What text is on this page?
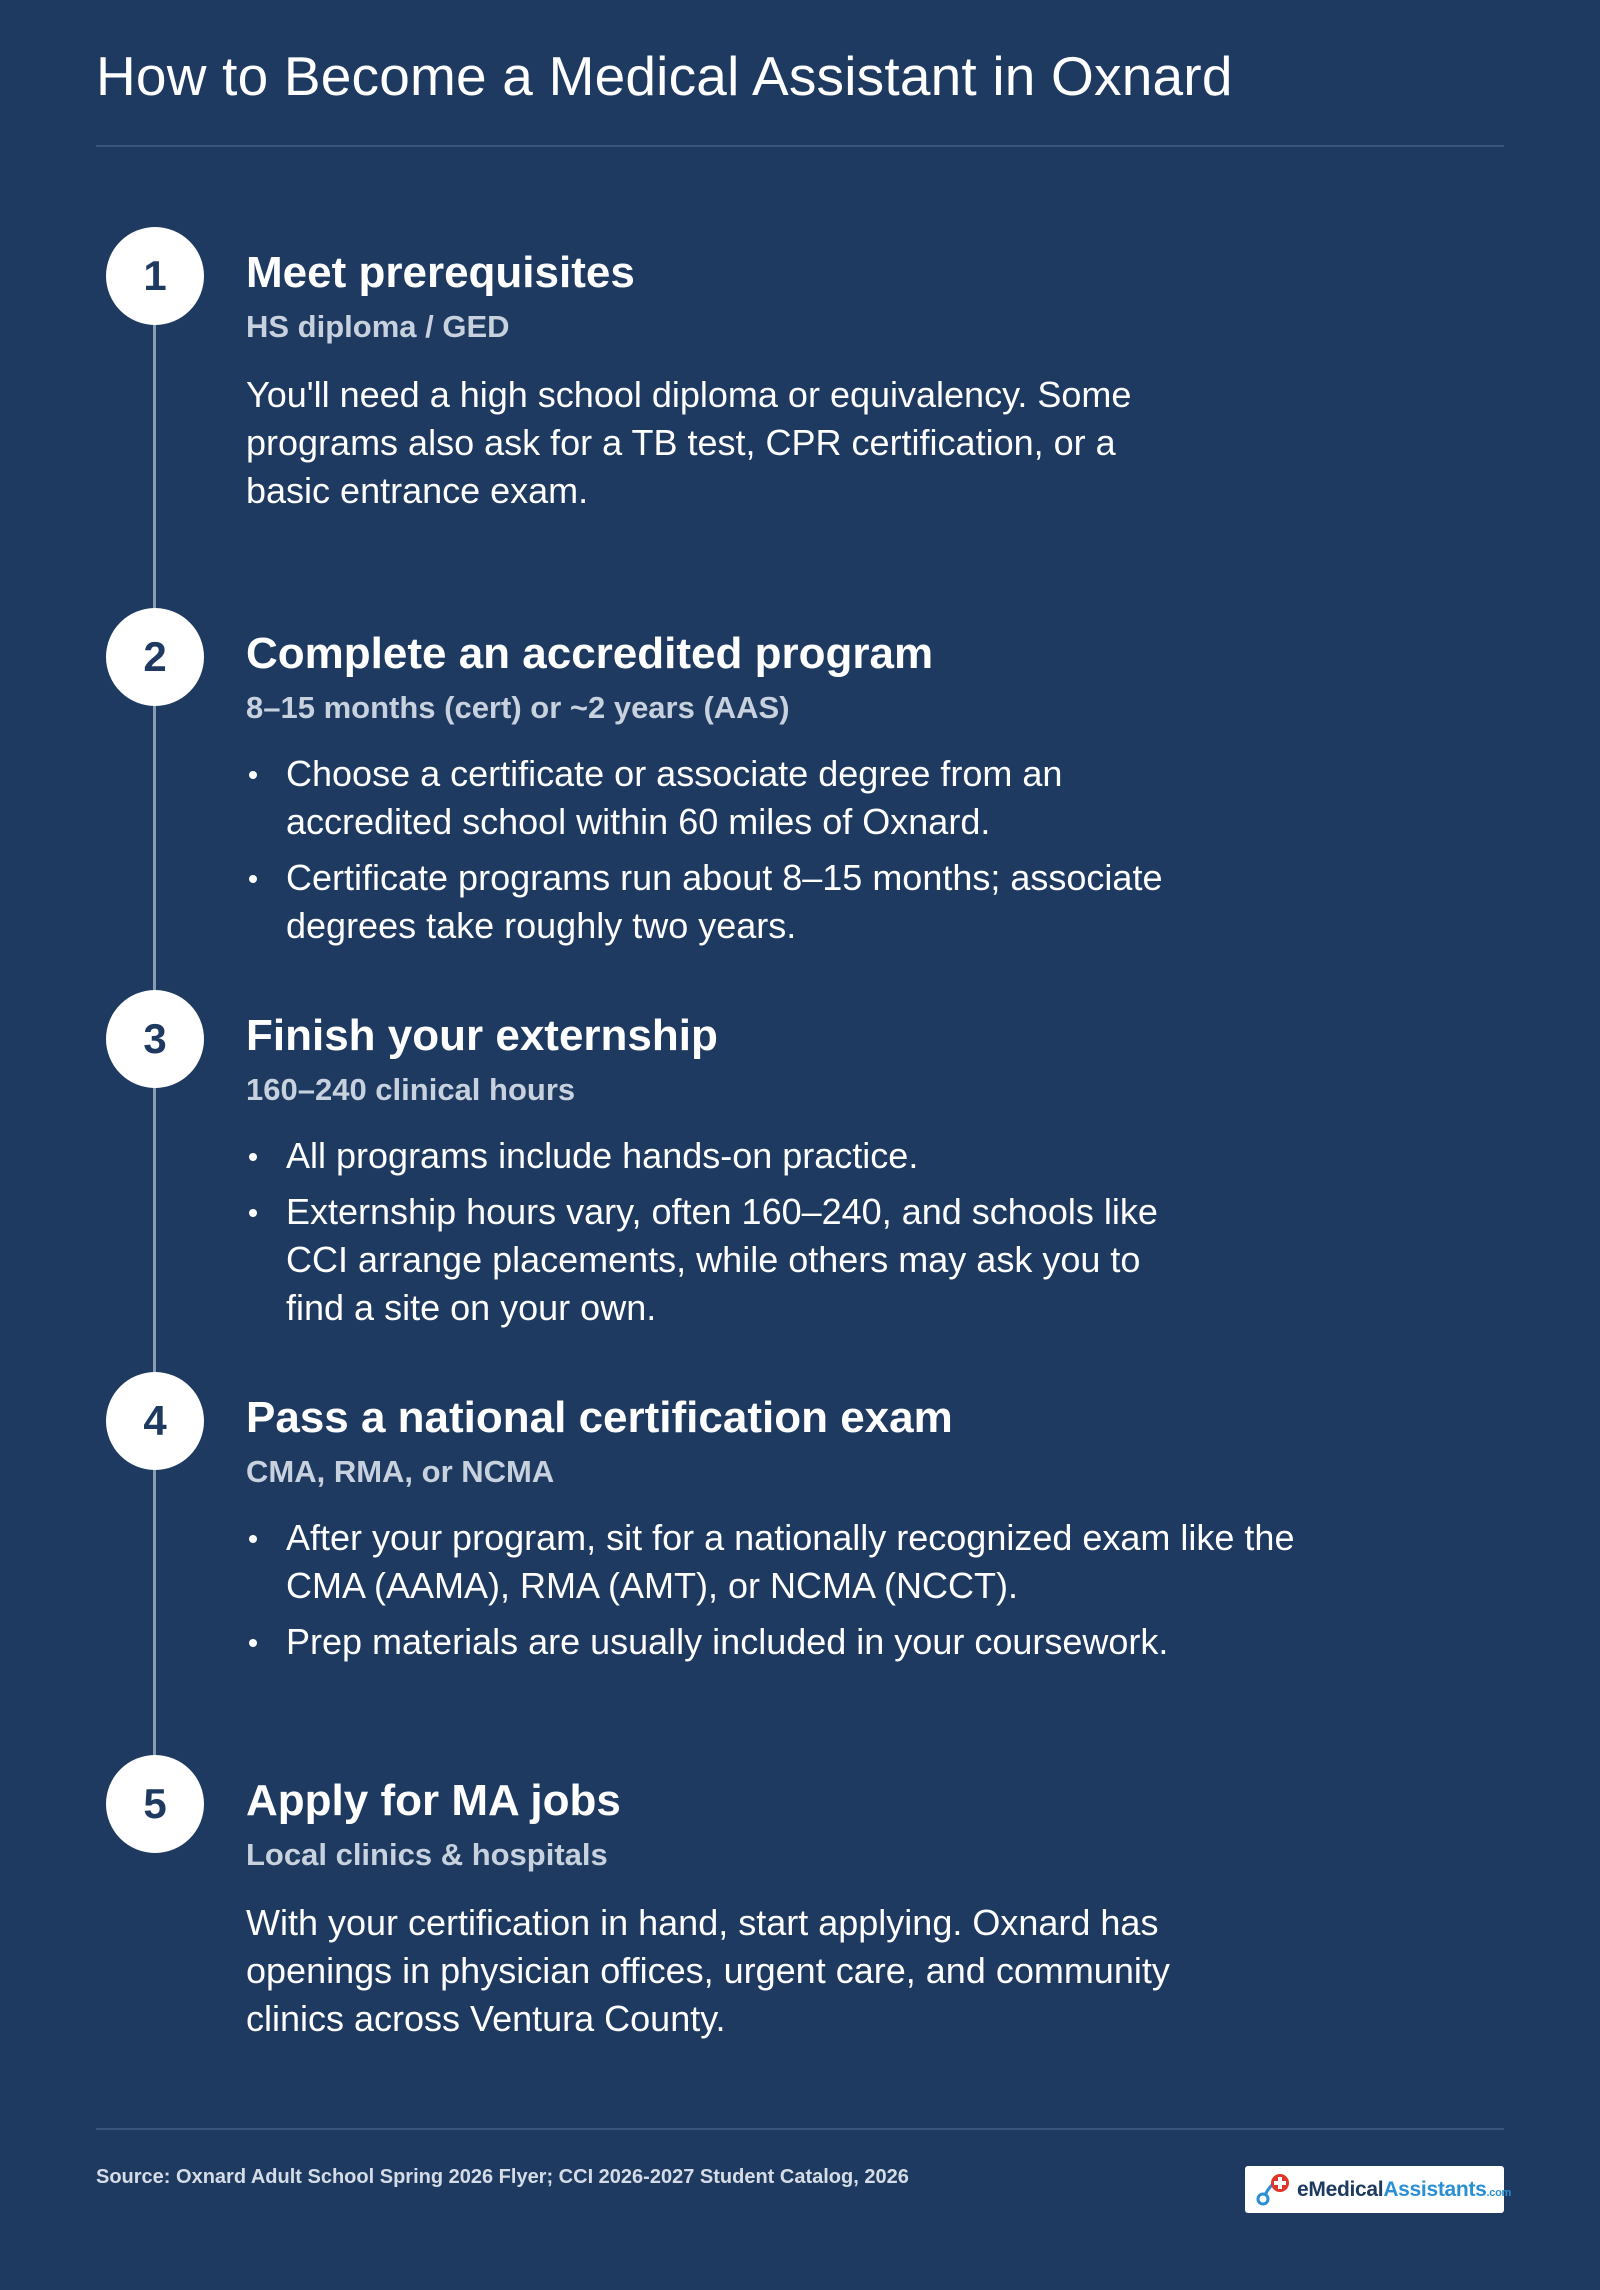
How to Become a Medical Assistant in Oxnard
1	Meet prerequisites
HS diploma / GED
You'll need a high school diploma or equivalency. Some programs also ask for a TB test, CPR certification, or a basic entrance exam.
2	Complete an accredited program
8–15 months (cert) or ~2 years (AAS)
Choose a certificate or associate degree from an accredited school within 60 miles of Oxnard.
Certificate programs run about 8–15 months; associate degrees take roughly two years.
3	Finish your externship
160–240 clinical hours
All programs include hands-on practice.
Externship hours vary, often 160–240, and schools like CCI arrange placements, while others may ask you to find a site on your own.
4	Pass a national certification exam
CMA, RMA, or NCMA
After your program, sit for a nationally recognized exam like the CMA (AAMA), RMA (AMT), or NCMA (NCCT).
Prep materials are usually included in your coursework.
5	Apply for MA jobs
Local clinics & hospitals
With your certification in hand, start applying. Oxnard has openings in physician offices, urgent care, and community clinics across Ventura County.
Source: Oxnard Adult School Spring 2026 Flyer; CCI 2026-2027 Student Catalog, 2026
eMedicalAssistants.com
